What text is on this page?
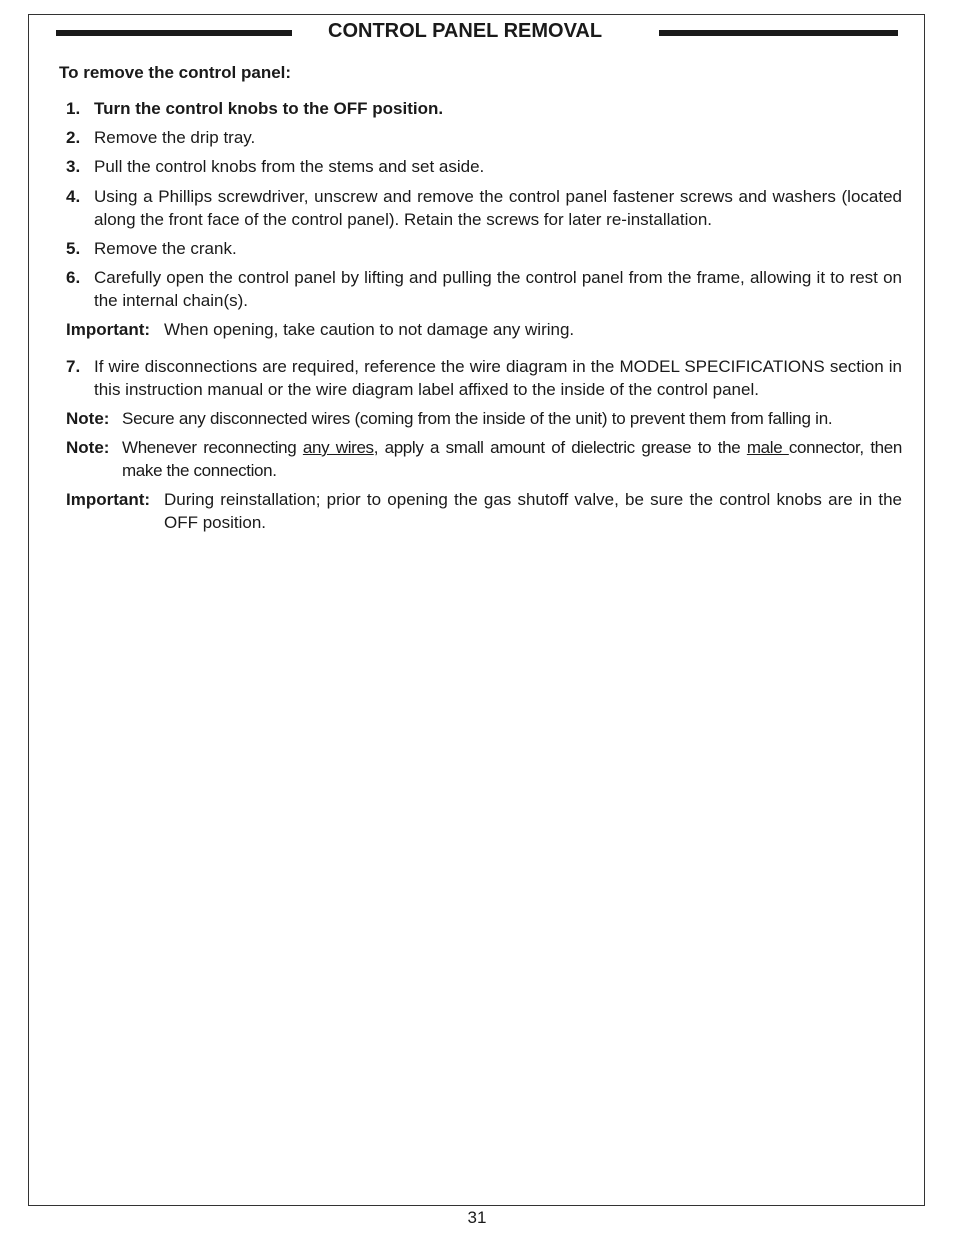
CONTROL PANEL REMOVAL
To remove the control panel:
1. Turn the control knobs to the OFF position.
2. Remove the drip tray.
3. Pull the control knobs from the stems and set aside.
4. Using a Phillips screwdriver, unscrew and remove the control panel fastener screws and washers (located along the front face of the control panel). Retain the screws for later re-installation.
5. Remove the crank.
6. Carefully open the control panel by lifting and pulling the control panel from the frame, allowing it to rest on the internal chain(s).
Important: When opening, take caution to not damage any wiring.
7. If wire disconnections are required, reference the wire diagram in the MODEL SPECIFICATIONS section in this instruction manual or the wire diagram label affixed to the inside of the control panel.
Note: Secure any disconnected wires (coming from the inside of the unit) to prevent them from falling in.
Note: Whenever reconnecting any wires, apply a small amount of dielectric grease to the male connector, then make the connection.
Important: During reinstallation; prior to opening the gas shutoff valve, be sure the control knobs are in the OFF position.
31
